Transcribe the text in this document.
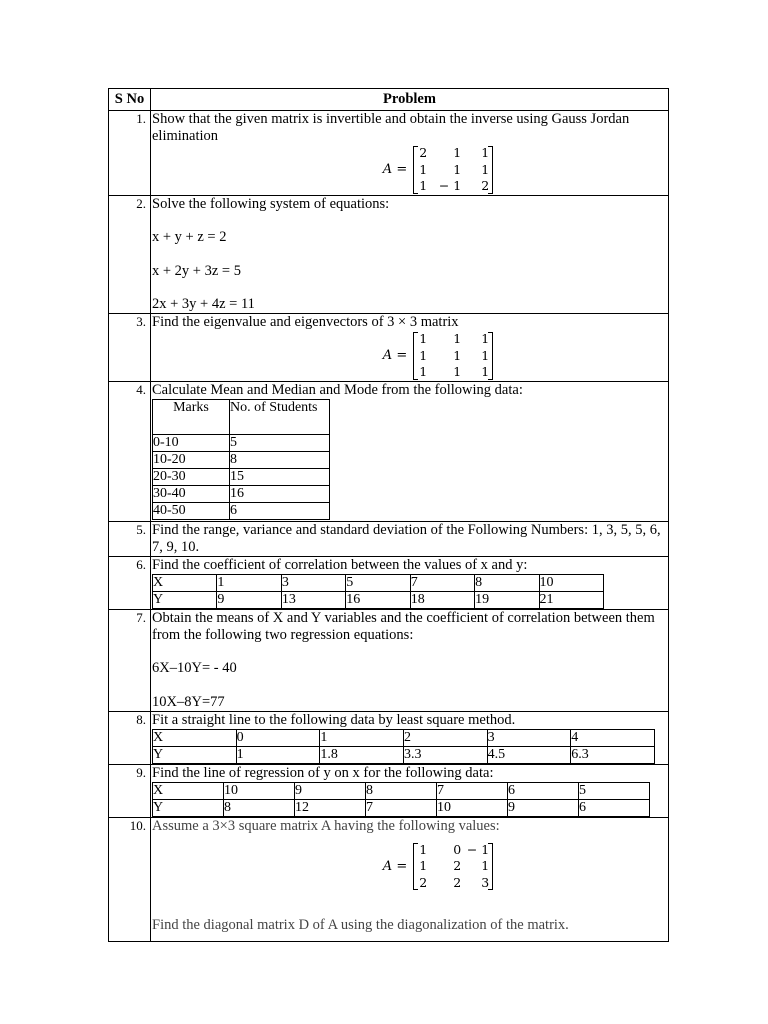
S No	Problem
1.	Show that the given matrix is invertible and obtain the inverse using Gauss Jordan elimination

A =
2	1	1
1	1	1
1 − 1	2

2.	Solve the following system of equations:

x + y + z = 2

x + 2y + 3z = 5

2x + 3y + 4z = 11

3.	Find the eigenvalue and eigenvectors of 3 × 3 matrix

A =
1	1	1
1	1	1
1	1	1

4.	Calculate Mean and Median and Mode from the following data:

Marks	No. of Students
0-10	5
10-20	8
20-30	15
30-40	16
40-50	6

5.	Find the range, variance and standard deviation of the Following Numbers: 1, 3, 5, 5, 6, 7, 9, 10.

6.	Find the coefficient of correlation between the values of x and y:

X	1	3	5	7	8	10
Y	9	13	16	18	19	21

7.	Obtain the means of X and Y variables and the coefficient of correlation between them from the following two regression equations:

6X–10Y= - 40

10X–8Y=77

8.	Fit a straight line to the following data by least square method.

X	0	1	2	3	4
Y	1	1.8	3.3	4.5	6.3

9.	Find the line of regression of y on x for the following data:

X	10	9	8	7	6	5
Y	8	12	7	10	9	6

10.	Assume a 3×3 square matrix A having the following values:

A =
1	0 − 1
1	2	1
2	2	3

Find the diagonal matrix D of A using the diagonalization of the matrix.
